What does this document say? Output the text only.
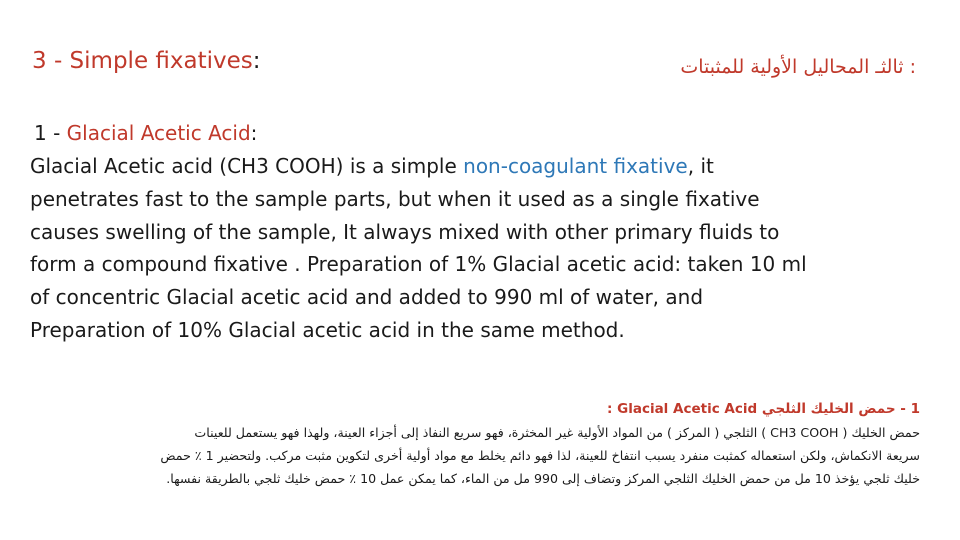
3 - Simple fixatives:	: ثالثـ المحاليل الأولية للمثبتات
1 - Glacial Acetic Acid:
Glacial Acetic acid (CH3 COOH) is a simple non-coagulant fixative, it
penetrates fast to the sample parts, but when it used as a single fixative
causes swelling of the sample, It always mixed with other primary fluids to
form a compound fixative . Preparation of 1% Glacial acetic acid: taken 10 ml
of concentric Glacial acetic acid and added to 990 ml of water, and
Preparation of 10% Glacial acetic acid in the same method.
1 - حمض الخليك الثلجي Glacial Acetic Acid :
حمض الخليك ( CH3 COOH ) الثلجي ( المركز ) من المواد الأولية غير المخثرة، فهو سريع النفاذ إلى أجزاء العينة، ولهذا فهو يستعمل للعينات
سريعة الانكماش، ولكن استعماله كمثبت منفرد يسبب انتفاخ للعينة، لذا فهو دائم يخلط مع مواد أولية أخرى لتكوين مثبت مركب. ولتحضير 1 ٪ حمض
خليك ثلجي يؤخذ 10 مل من حمض الخليك الثلجي المركز وتضاف إلى 990 مل من الماء، كما يمكن عمل 10 ٪ حمض خليك ثلجي بالطريقة نفسها.
